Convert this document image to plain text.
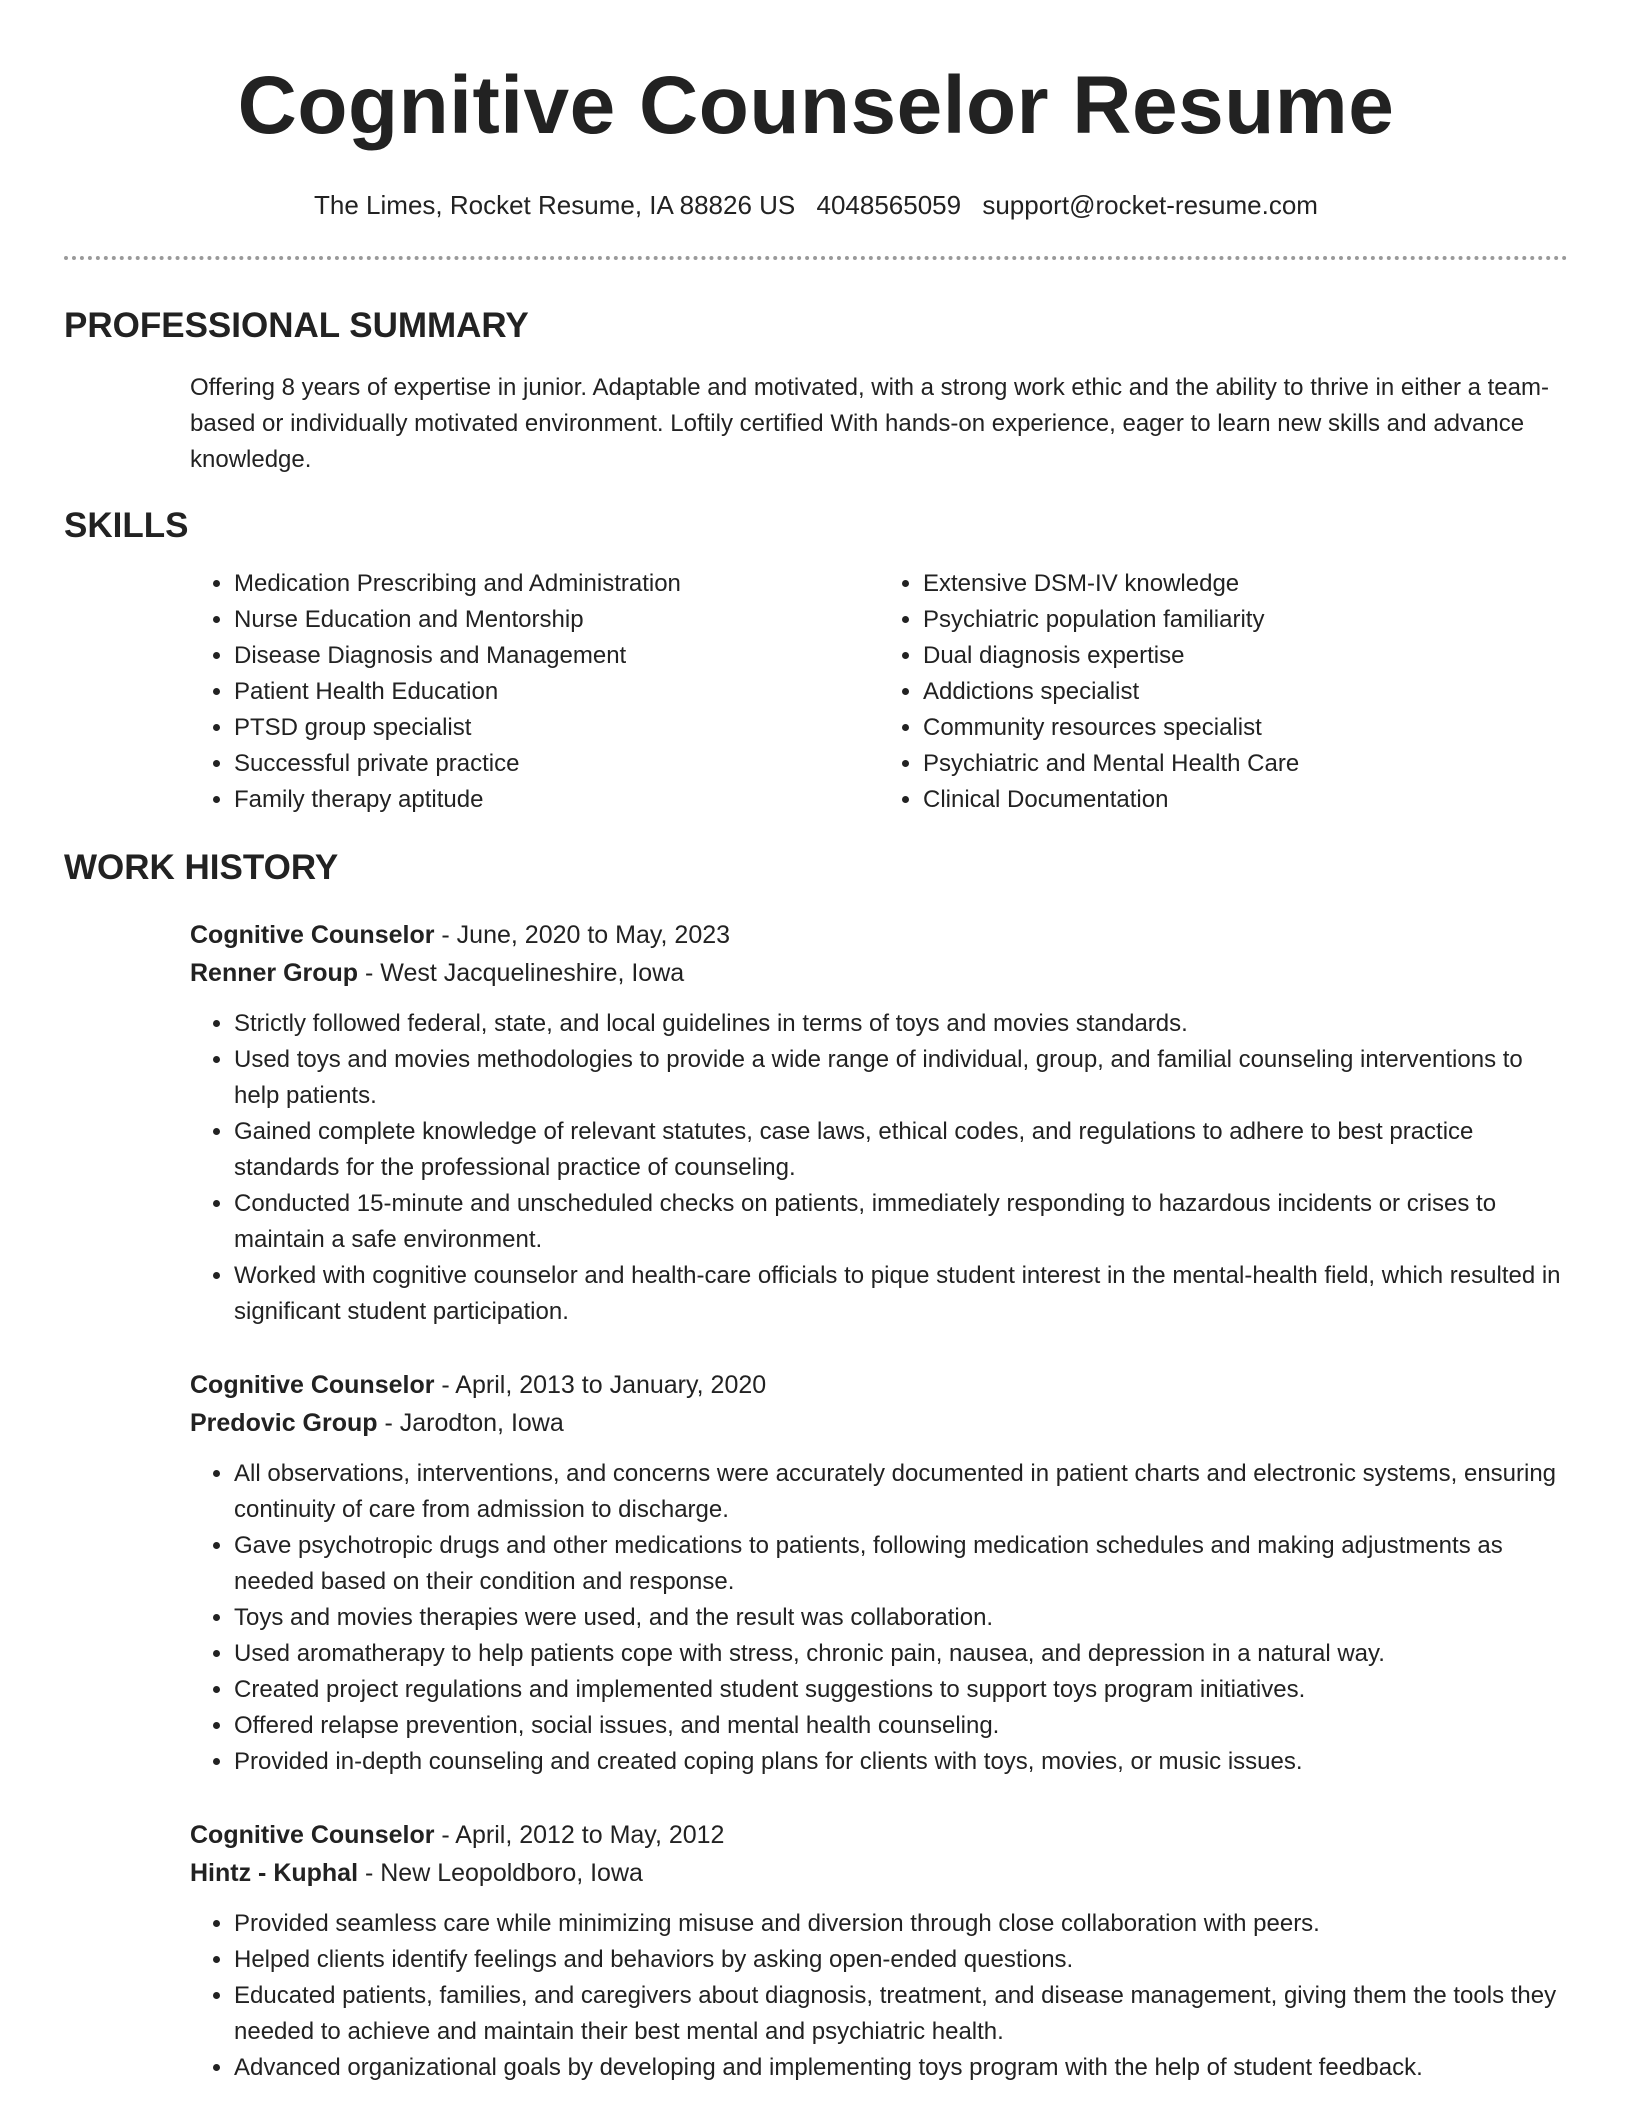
Cognitive Counselor Resume
The Limes, Rocket Resume, IA 88826 US 4048565059 support@rocket-resume.com
PROFESSIONAL SUMMARY

Offering 8 years of expertise in junior. Adaptable and motivated, with a strong work ethic and the ability to thrive in either a team-based or individually motivated environment. Loftily certified With hands-on experience, eager to learn new skills and advance knowledge.

SKILLS
• Medication Prescribing and Administration
• Nurse Education and Mentorship
• Disease Diagnosis and Management
• Patient Health Education
• PTSD group specialist
• Successful private practice
• Family therapy aptitude
• Extensive DSM-IV knowledge
• Psychiatric population familiarity
• Dual diagnosis expertise
• Addictions specialist
• Community resources specialist
• Psychiatric and Mental Health Care
• Clinical Documentation
WORK HISTORY
Cognitive Counselor - June, 2020 to May, 2023
Renner Group - West Jacquelineshire, Iowa
• Strictly followed federal, state, and local guidelines in terms of toys and movies standards.
• Used toys and movies methodologies to provide a wide range of individual, group, and familial counseling interventions to help patients.
• Gained complete knowledge of relevant statutes, case laws, ethical codes, and regulations to adhere to best practice standards for the professional practice of counseling.
• Conducted 15-minute and unscheduled checks on patients, immediately responding to hazardous incidents or crises to maintain a safe environment.
• Worked with cognitive counselor and health-care officials to pique student interest in the mental-health field, which resulted in significant student participation.
Cognitive Counselor - April, 2013 to January, 2020
Predovic Group - Jarodton, Iowa
• All observations, interventions, and concerns were accurately documented in patient charts and electronic systems, ensuring continuity of care from admission to discharge.
• Gave psychotropic drugs and other medications to patients, following medication schedules and making adjustments as needed based on their condition and response.
• Toys and movies therapies were used, and the result was collaboration.
• Used aromatherapy to help patients cope with stress, chronic pain, nausea, and depression in a natural way.
• Created project regulations and implemented student suggestions to support toys program initiatives.
• Offered relapse prevention, social issues, and mental health counseling.
• Provided in-depth counseling and created coping plans for clients with toys, movies, or music issues.
Cognitive Counselor - April, 2012 to May, 2012
Hintz - Kuphal - New Leopoldboro, Iowa
• Provided seamless care while minimizing misuse and diversion through close collaboration with peers.
• Helped clients identify feelings and behaviors by asking open-ended questions.
• Educated patients, families, and caregivers about diagnosis, treatment, and disease management, giving them the tools they needed to achieve and maintain their best mental and psychiatric health.
• Advanced organizational goals by developing and implementing toys program with the help of student feedback.
